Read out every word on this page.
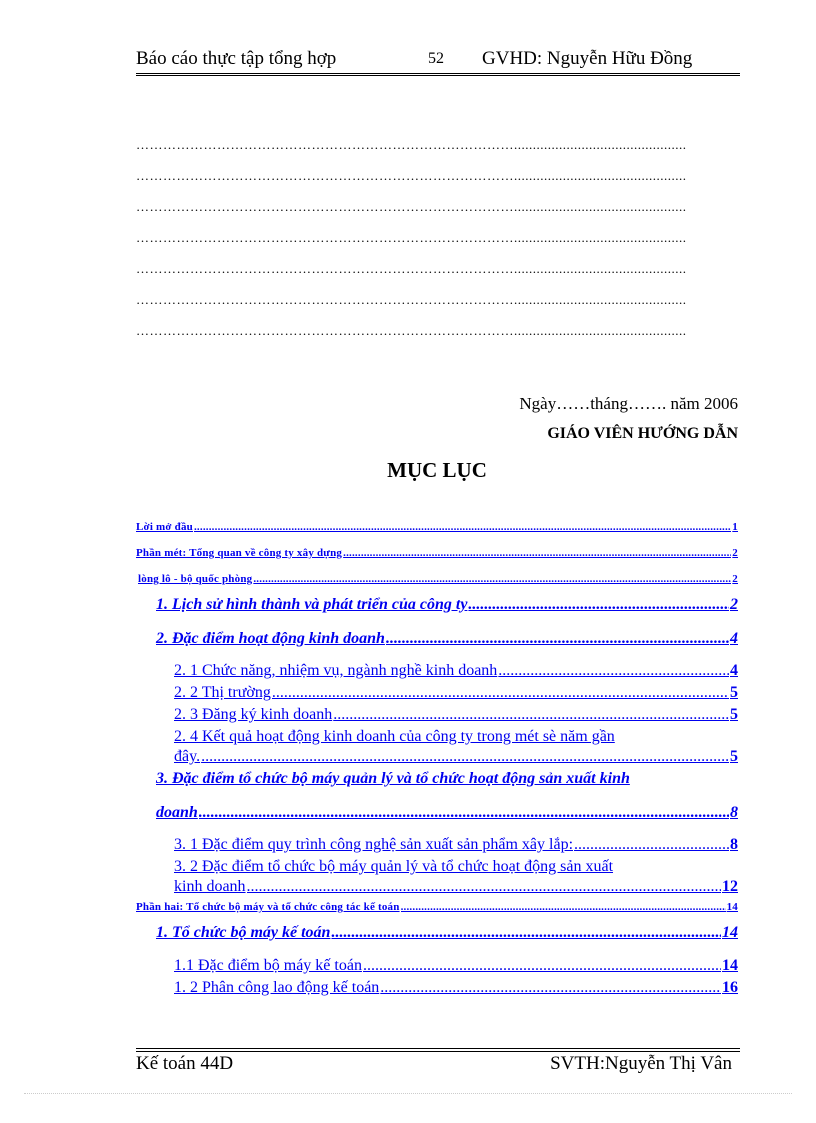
Báo cáo thực tập tổng hợp	52 GVHD: Nguyễn Hữu Đồng
…………………………………………………………………………..............................................
…………………………………………………………………………..............................................
…………………………………………………………………………..............................................
…………………………………………………………………………..............................................
…………………………………………………………………………..............................................
…………………………………………………………………………..............................................
…………………………………………………………………………..............................................
Ngày……tháng……. năm 2006
GIÁO VIÊN HƯỚNG DẪN
MỤC LỤC
Lời mở đầu .....	1
Phần mét: Tổng quan về công ty xây dựng .....	2
lòng lô - bộ quốc phòng .....	2
1. Lịch sử hình thành và phát triển của công ty .....	2
2. Đặc điểm hoạt động kinh doanh .....	4
2. 1 Chức năng, nhiệm vụ, ngành nghề kinh doanh .....	4
2. 2 Thị trường .....	5
2. 3 Đăng ký kinh doanh .....	5
2. 4 Kết quả hoạt động kinh doanh của công ty trong mét sè năm gần
đây. .....	5
3. Đặc điểm tổ chức bộ máy quản lý và tổ chức hoạt động sản xuất kinh
doanh .....	8
3. 1 Đặc điểm quy trình công nghệ sản xuất sản phẩm xây lắp: .....	8
3. 2 Đặc điểm tổ chức bộ máy quản lý và tổ chức hoạt động sản xuất
kinh doanh .....	12
Phần hai: Tổ chức bộ máy và tổ chức công tác kế toán .....	14
1. Tổ chức bộ máy kế toán .....	14
1.1 Đặc điểm bộ máy kế toán .....	14
1. 2 Phân công lao động kế toán .....	16
Kế toán 44D	SVTH:Nguyễn Thị Vân
